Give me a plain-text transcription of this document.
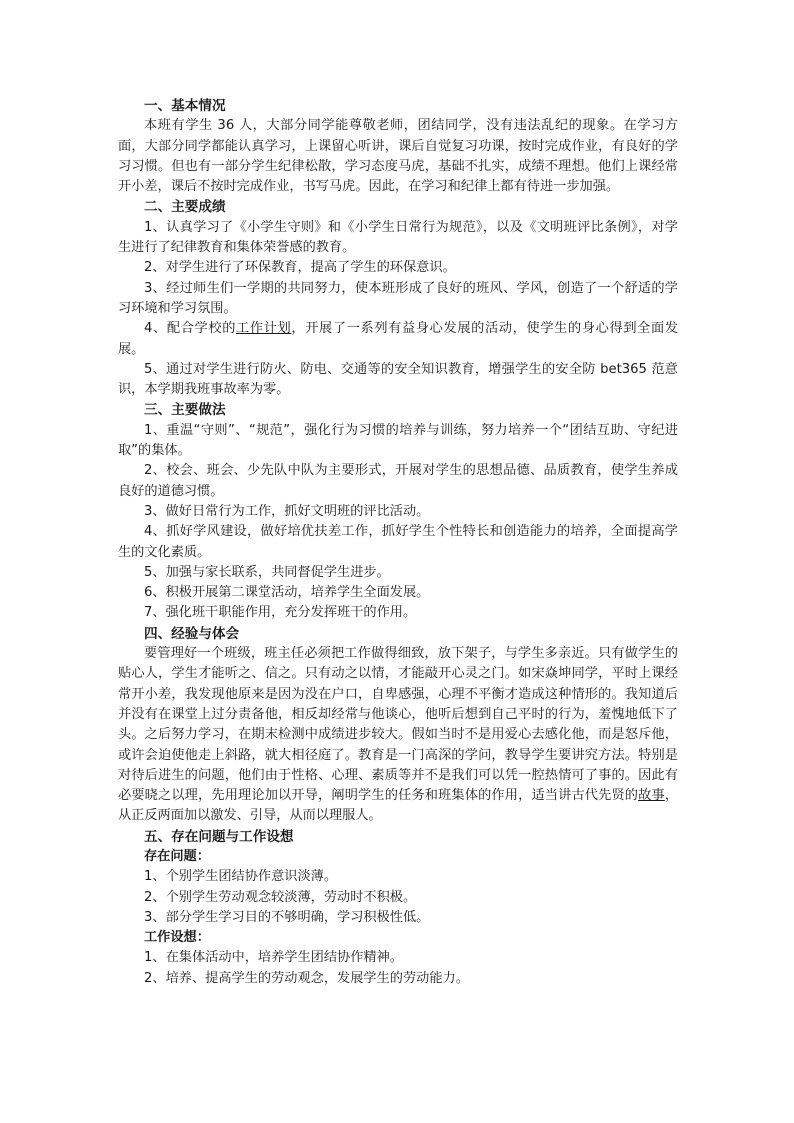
一、基本情况

本班有学生 36 人，大部分同学能尊敬老师，团结同学，没有违法乱纪的现象。在学习方面，大部分同学都能认真学习，上课留心听讲，课后自觉复习功课，按时完成作业，有良好的学习习惯。但也有一部分学生纪律松散，学习态度马虎，基础不扎实，成绩不理想。他们上课经常开小差，课后不按时完成作业，书写马虎。因此，在学习和纪律上都有待进一步加强。

二、主要成绩

1、认真学习了《小学生守则》和《小学生日常行为规范》，以及《文明班评比条例》，对学生进行了纪律教育和集体荣誉感的教育。

2、对学生进行了环保教育，提高了学生的环保意识。

3、经过师生们一学期的共同努力，使本班形成了良好的班风、学风，创造了一个舒适的学习环境和学习氛围。

4、配合学校的工作计划，开展了一系列有益身心发展的活动，使学生的身心得到全面发展。

5、通过对学生进行防火、防电、交通等的安全知识教育，增强学生的安全防 bet365 范意识，本学期我班事故率为零。

三、主要做法

1、重温“守则”、“规范”，强化行为习惯的培养与训练，努力培养一个“团结互助、守纪进取”的集体。

2、校会、班会、少先队中队为主要形式，开展对学生的思想品德、品质教育，使学生养成良好的道德习惯。

3、做好日常行为工作，抓好文明班的评比活动。

4、抓好学风建设，做好培优扶差工作，抓好学生个性特长和创造能力的培养，全面提高学生的文化素质。

5、加强与家长联系，共同督促学生进步。

6、积极开展第二课堂活动，培养学生全面发展。

7、强化班干职能作用，充分发挥班干的作用。

四、经验与体会

要管理好一个班级，班主任必须把工作做得细致，放下架子，与学生多亲近。只有做学生的贴心人，学生才能听之、信之。只有动之以情，才能敲开心灵之门。如宋焱坤同学，平时上课经常开小差，我发现他原来是因为没在户口，自卑感强，心理不平衡才造成这种情形的。我知道后并没有在课堂上过分责备他，相反却经常与他谈心，他听后想到自己平时的行为，羞愧地低下了头。之后努力学习，在期末检测中成绩进步较大。假如当时不是用爱心去感化他，而是怒斥他，或许会迫使他走上斜路，就大相径庭了。教育是一门高深的学问，教导学生要讲究方法。特别是对待后进生的问题，他们由于性格、心理、素质等并不是我们可以凭一腔热情可了事的。因此有必要晓之以理，先用理论加以开导，阐明学生的任务和班集体的作用，适当讲古代先贤的故事，从正反两面加以激发、引导，从而以理服人。

五、存在问题与工作设想

存在问题：

1、个别学生团结协作意识淡薄。

2、个别学生劳动观念较淡薄，劳动时不积极。

3、部分学生学习目的不够明确，学习积极性低。

工作设想：

1、在集体活动中，培养学生团结协作精神。

2、培养、提高学生的劳动观念，发展学生的劳动能力。
